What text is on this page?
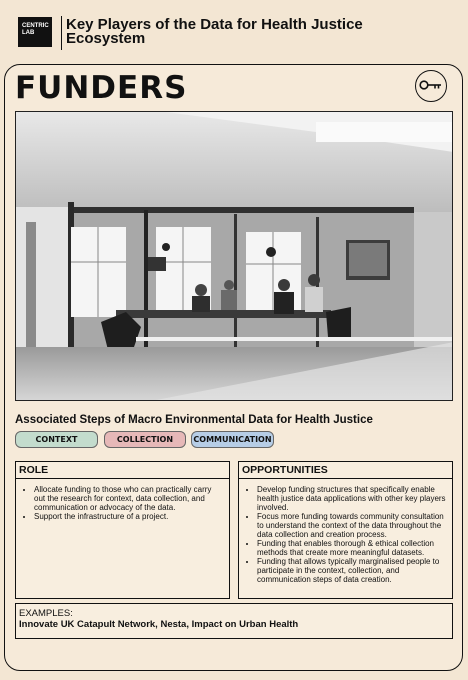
CENTRIC
LAB	Key Players of the Data for Health Justice Ecosystem
FUNDERS
Associated Steps of Macro Environmental Data for Health Justice
CONTEXT	COLLECTION	COMMUNICATION
ROLE
• Allocate funding to those who can practically carry out the research for context, data collection, and communication or advocacy of the data.
• Support the infrastructure of a project.
OPPORTUNITIES
• Develop funding structures that specifically enable health justice data applications with other key players involved.
• Focus more funding towards community consultation to understand the context of the data throughout the data collection and creation process.
• Funding that enables thorough & ethical collection methods that create more meaningful datasets.
• Funding that allows typically marginalised people to participate in the context, collection, and communication steps of data creation.
EXAMPLES:
Innovate UK Catapult Network, Nesta, Impact on Urban Health
